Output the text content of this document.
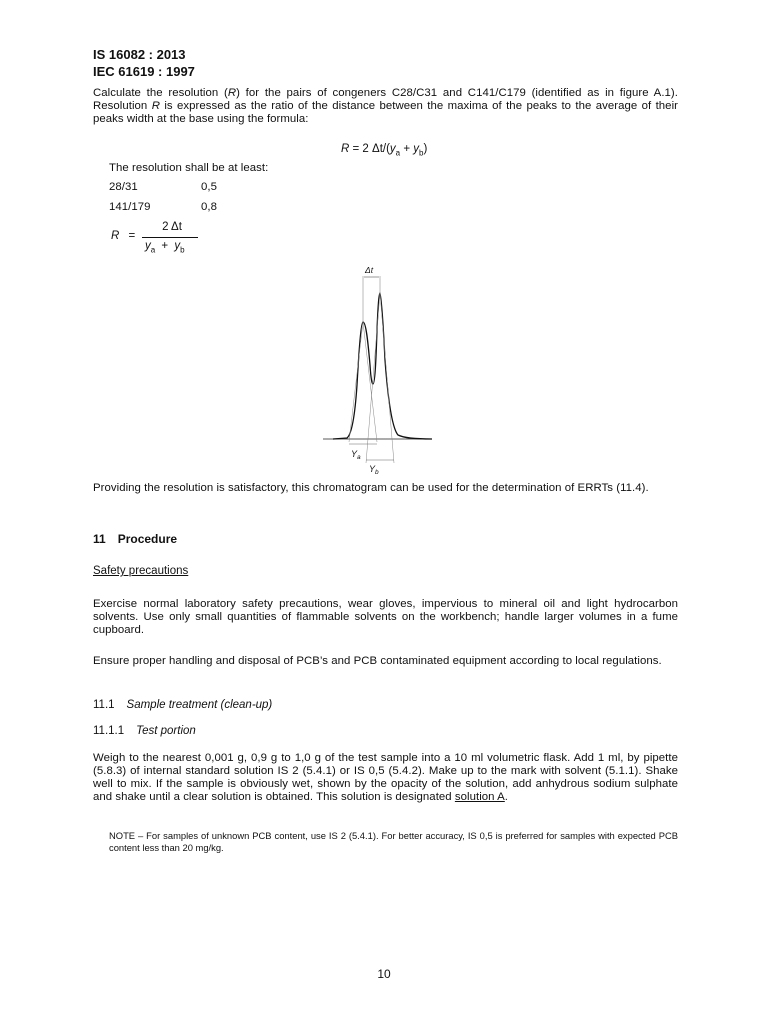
IS 16082 : 2013
IEC 61619 : 1997
Calculate the resolution (R) for the pairs of congeners C28/C31 and C141/C179 (identified as in figure A.1). Resolution R is expressed as the ratio of the distance between the maxima of the peaks to the average of their peaks width at the base using the formula:
R = 2 $\Delta t/(y_a + y_b)$
The resolution shall be at least:
28/31	0,5
141/179	0,8
R =
2 Δt
$y_a + y_b$
Δt
$Y_a$
$Y_b$
Providing the resolution is satisfactory, this chromatogram can be used for the determination of ERRTs (11.4).
11 Procedure
Safety precautions
Exercise normal laboratory safety precautions, wear gloves, impervious to mineral oil and light hydrocarbon solvents. Use only small quantities of flammable solvents on the workbench; handle larger volumes in a fume cupboard.
Ensure proper handling and disposal of PCB’s and PCB contaminated equipment according to local regulations.
11.1 Sample treatment (clean-up)
11.1.1 Test portion
Weigh to the nearest 0,001 g, 0,9 g to 1,0 g of the test sample into a 10 ml volumetric flask. Add 1 ml, by pipette (5.8.3) of internal standard solution IS 2 (5.4.1) or IS 0,5 (5.4.2). Make up to the mark with solvent (5.1.1). Shake well to mix. If the sample is obviously wet, shown by the opacity of the solution, add anhydrous sodium sulphate and shake until a clear solution is obtained. This solution is designated solution A.
NOTE – For samples of unknown PCB content, use IS 2 (5.4.1). For better accuracy, IS 0,5 is preferred for samples with expected PCB content less than 20 mg/kg.
10
